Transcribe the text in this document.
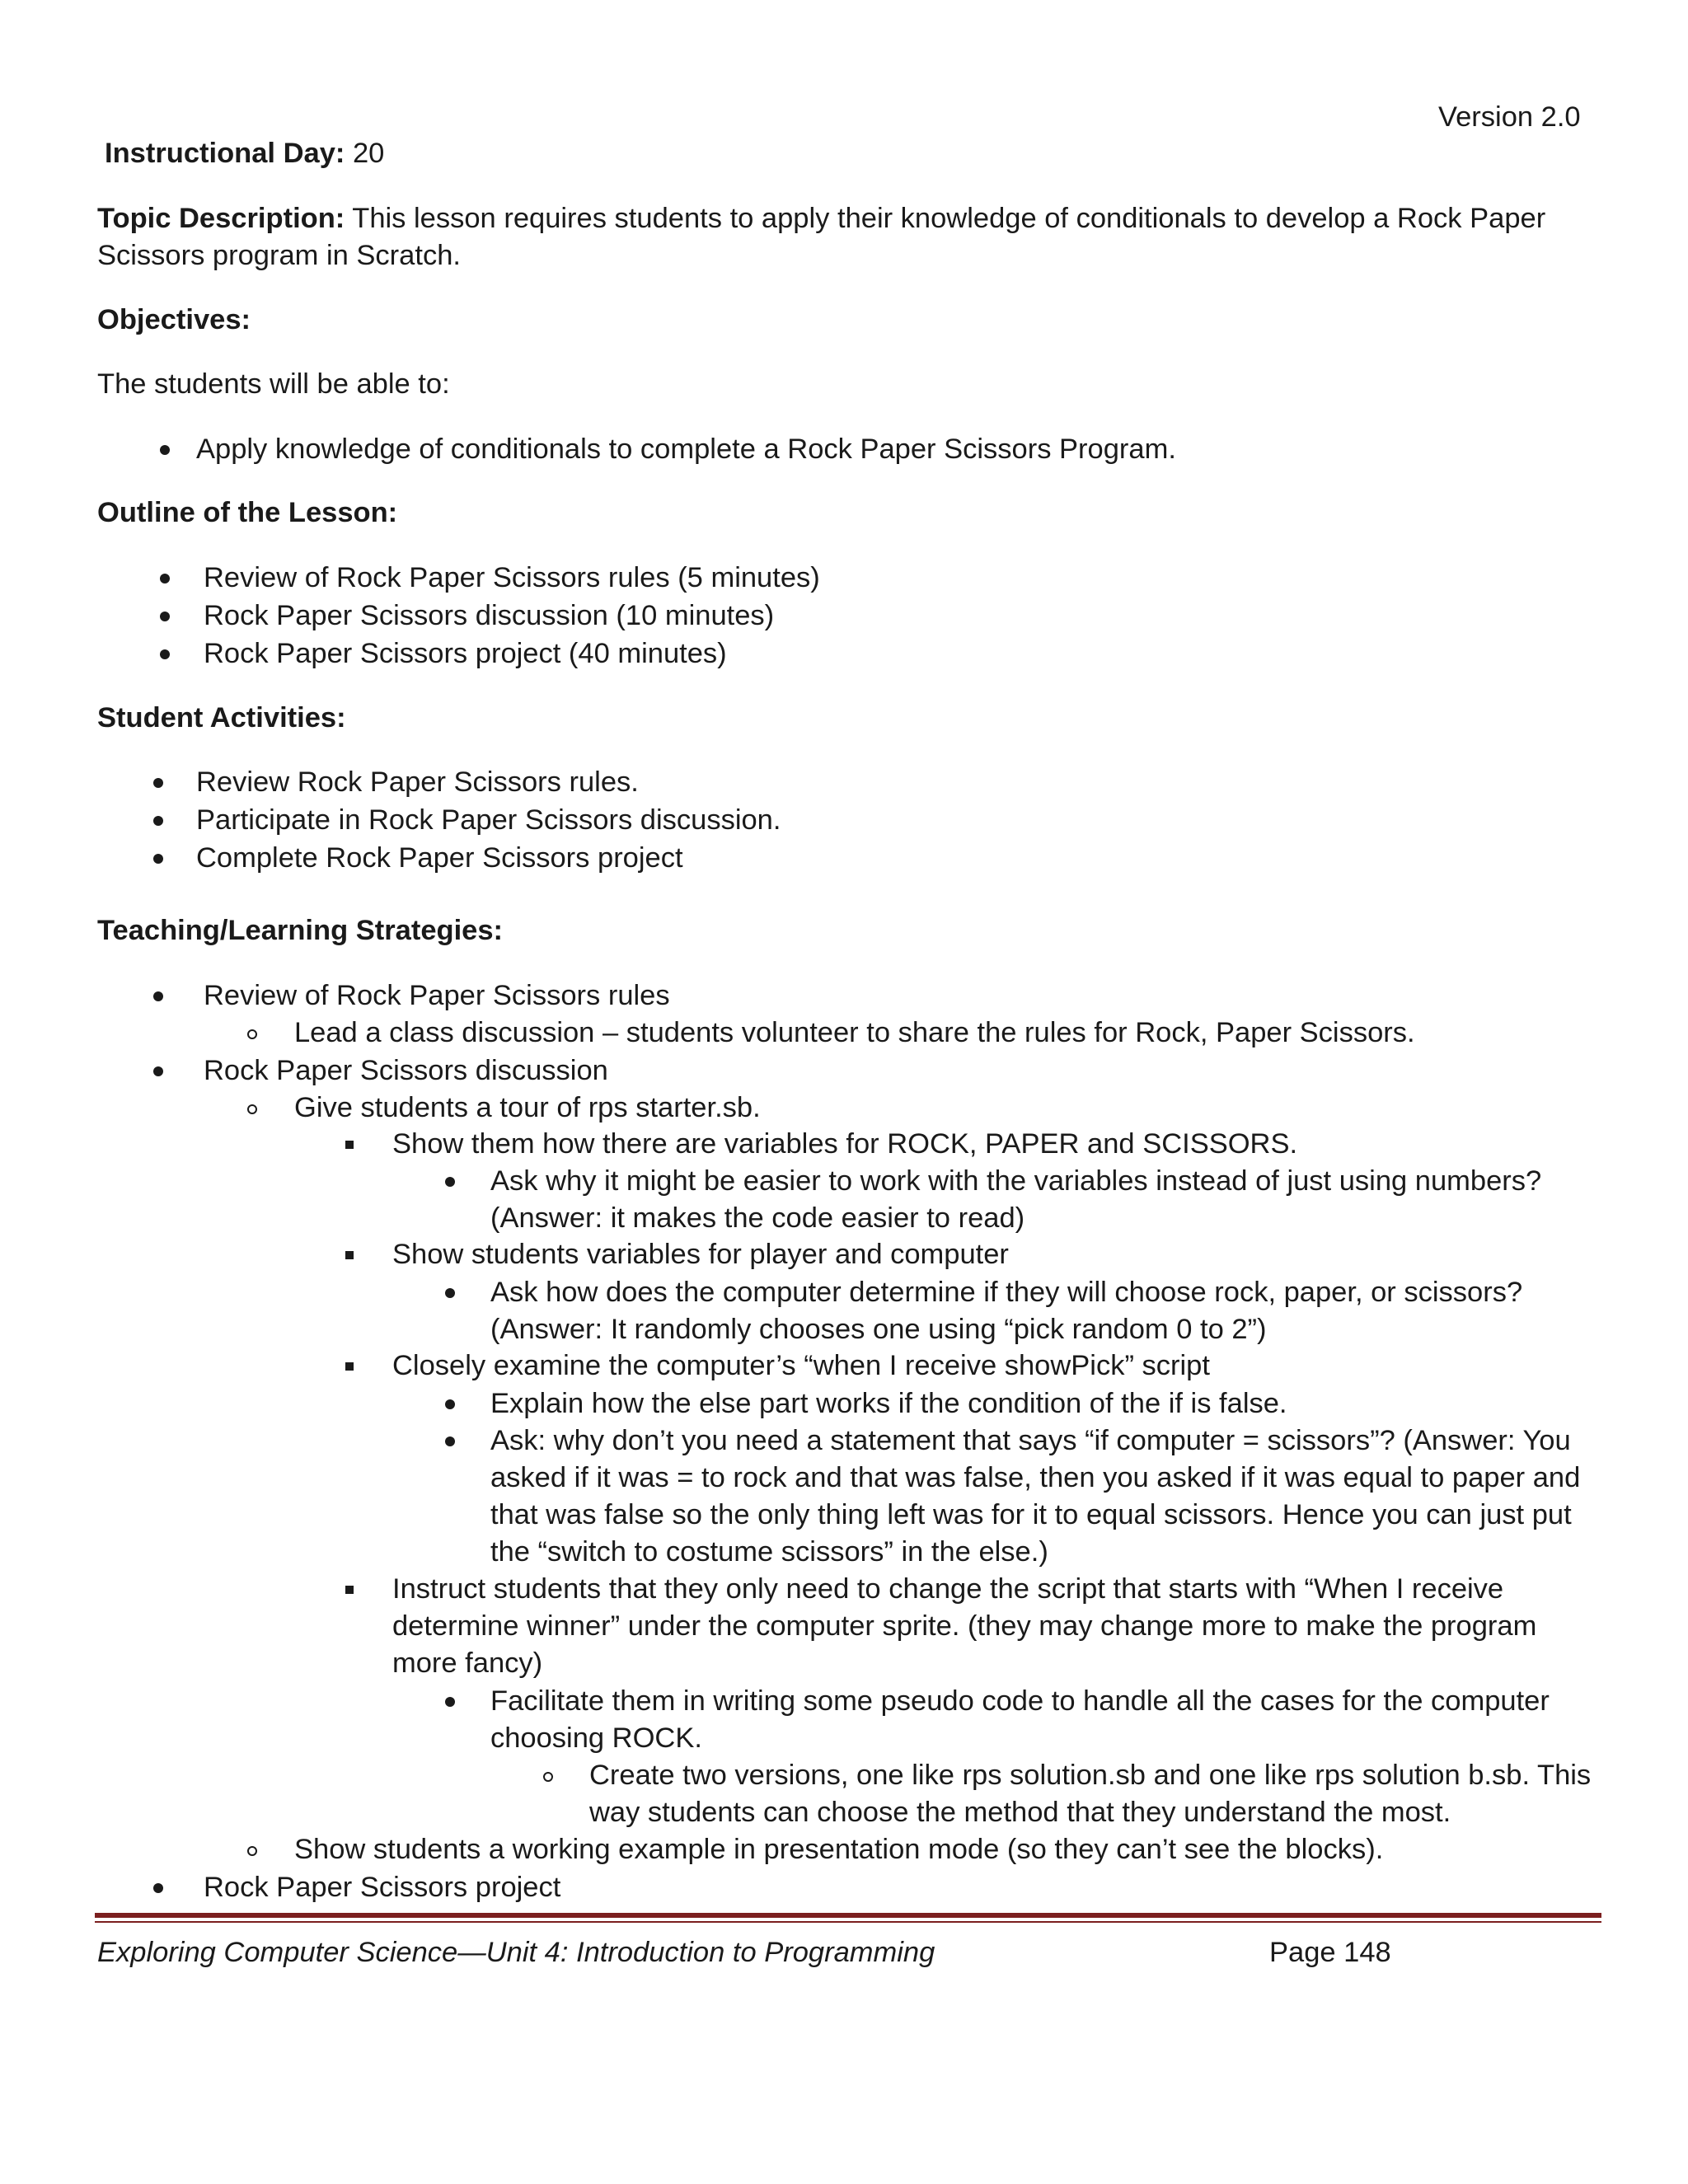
Version 2.0
Instructional Day: 20
Topic Description: This lesson requires students to apply their knowledge of conditionals to develop a Rock Paper
Scissors program in Scratch.
Objectives:
The students will be able to:
Apply knowledge of conditionals to complete a Rock Paper Scissors Program.
Outline of the Lesson:
Review of Rock Paper Scissors rules (5 minutes)
Rock Paper Scissors discussion (10 minutes)
Rock Paper Scissors project (40 minutes)
Student Activities:
Review Rock Paper Scissors rules.
Participate in Rock Paper Scissors discussion.
Complete Rock Paper Scissors project
Teaching/Learning Strategies:
Review of Rock Paper Scissors rules
Lead a class discussion – students volunteer to share the rules for Rock, Paper Scissors.
Rock Paper Scissors discussion
Give students a tour of rps starter.sb.
Show them how there are variables for ROCK, PAPER and SCISSORS.
Ask why it might be easier to work with the variables instead of just using numbers?
(Answer: it makes the code easier to read)
Show students variables for player and computer
Ask how does the computer determine if they will choose rock, paper, or scissors?
(Answer: It randomly chooses one using “pick random 0 to 2”)
Closely examine the computer’s “when I receive showPick” script
Explain how the else part works if the condition of the if is false.
Ask: why don’t you need a statement that says “if computer = scissors”? (Answer: You
asked if it was = to rock and that was false, then you asked if it was equal to paper and
that was false so the only thing left was for it to equal scissors. Hence you can just put
the “switch to costume scissors” in the else.)
Instruct students that they only need to change the script that starts with “When I receive
determine winner” under the computer sprite. (they may change more to make the program
more fancy)
Facilitate them in writing some pseudo code to handle all the cases for the computer
choosing ROCK.
Create two versions, one like rps solution.sb and one like rps solution b.sb. This
way students can choose the method that they understand the most.
Show students a working example in presentation mode (so they can’t see the blocks).
Rock Paper Scissors project
Exploring Computer Science—Unit 4: Introduction to Programming	Page 148
